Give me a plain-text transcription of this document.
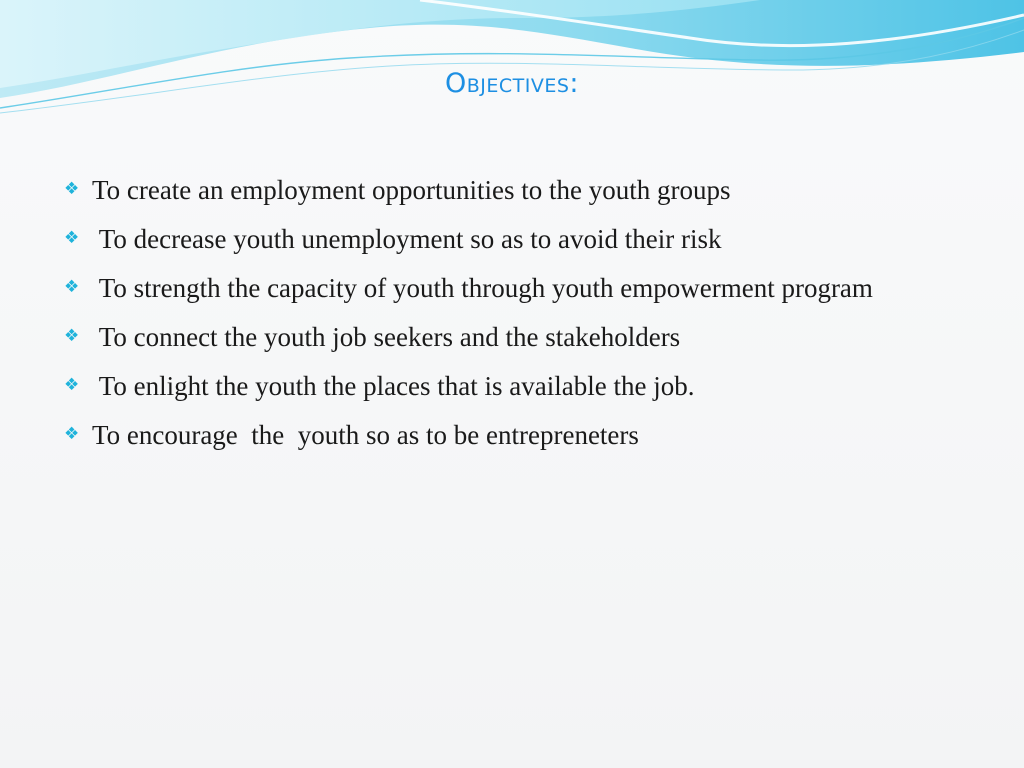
Objectives:
❖ To create an employment opportunities to the youth groups
❖ To decrease youth unemployment so as to avoid their risk
❖ To strength the capacity of youth through youth empowerment program
❖ To connect the youth job seekers and the stakeholders
❖ To enlight the youth the places that is available the job.
❖ To encourage  the  youth so as to be entrepreneters
